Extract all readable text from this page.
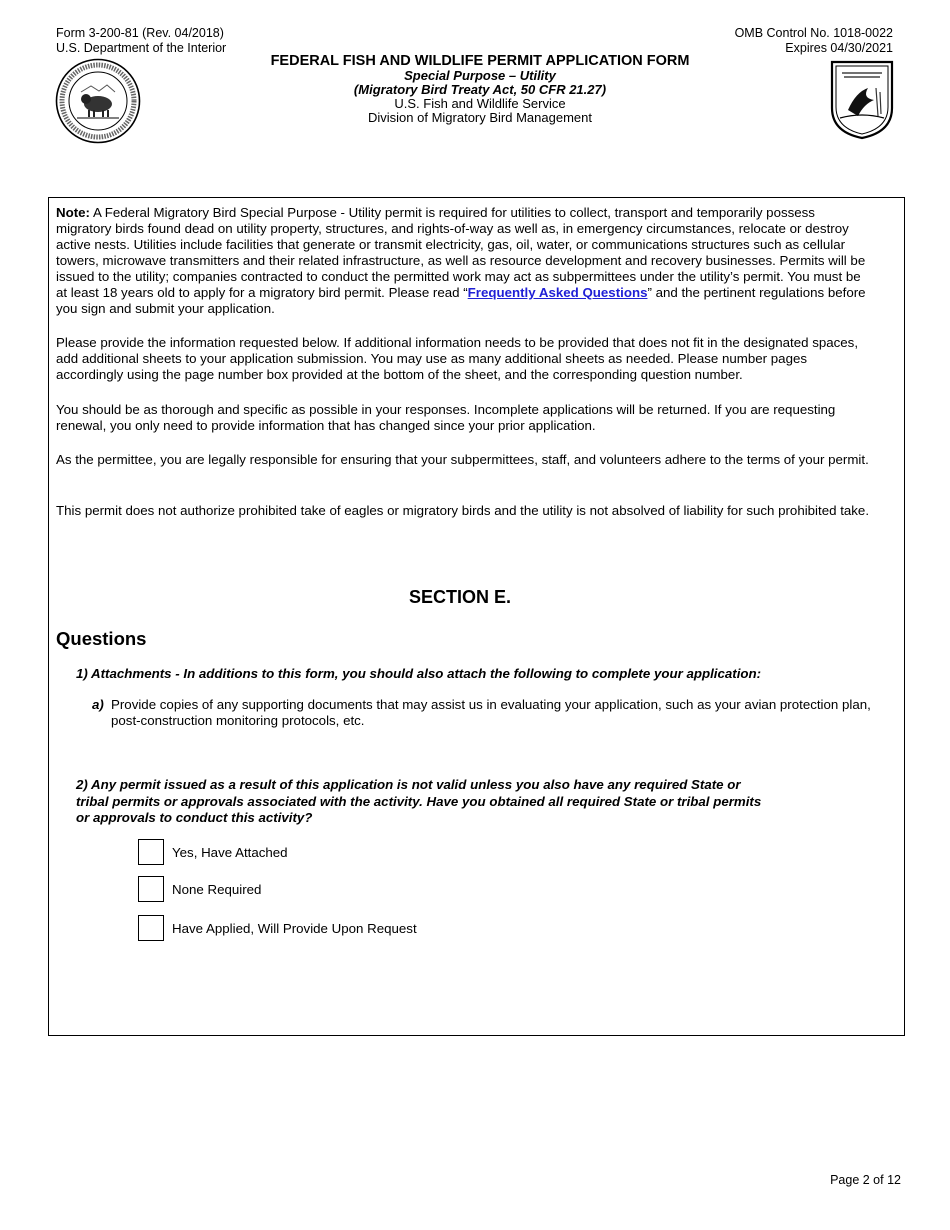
Form 3-200-81 (Rev. 04/2018)
U.S. Department of the Interior
OMB Control No. 1018-0022
Expires 04/30/2021
FEDERAL FISH AND WILDLIFE PERMIT APPLICATION FORM
Special Purpose – Utility
(Migratory Bird Treaty Act, 50 CFR 21.27)
U.S. Fish and Wildlife Service
Division of Migratory Bird Management

Note: A Federal Migratory Bird Special Purpose - Utility permit is required for utilities to collect, transport and temporarily possess migratory birds found dead on utility property, structures, and rights-of-way as well as, in emergency circumstances, relocate or destroy active nests. Utilities include facilities that generate or transmit electricity, gas, oil, water, or communications structures such as cellular towers, microwave transmitters and their related infrastructure, as well as resource development and recovery businesses. Permits will be issued to the utility; companies contracted to conduct the permitted work may act as subpermittees under the utility’s permit. You must be at least 18 years old to apply for a migratory bird permit. Please read “Frequently Asked Questions” and the pertinent regulations before you sign and submit your application.

Please provide the information requested below. If additional information needs to be provided that does not fit in the designated spaces, add additional sheets to your application submission. You may use as many additional sheets as needed. Please number pages accordingly using the page number box provided at the bottom of the sheet, and the corresponding question number.

You should be as thorough and specific as possible in your responses. Incomplete applications will be returned. If you are requesting renewal, you only need to provide information that has changed since your prior application.

As the permittee, you are legally responsible for ensuring that your subpermittees, staff, and volunteers adhere to the terms of your permit.

This permit does not authorize prohibited take of eagles or migratory birds and the utility is not absolved of liability for such prohibited take.

SECTION E.
Questions
1) Attachments - In additions to this form, you should also attach the following to complete your application:
a) Provide copies of any supporting documents that may assist us in evaluating your application, such as your avian protection plan, post-construction monitoring protocols, etc.
2) Any permit issued as a result of this application is not valid unless you also have any required State or tribal permits or approvals associated with the activity. Have you obtained all required State or tribal permits or approvals to conduct this activity?
Yes, Have Attached
None Required
Have Applied, Will Provide Upon Request
Page 2 of 12
